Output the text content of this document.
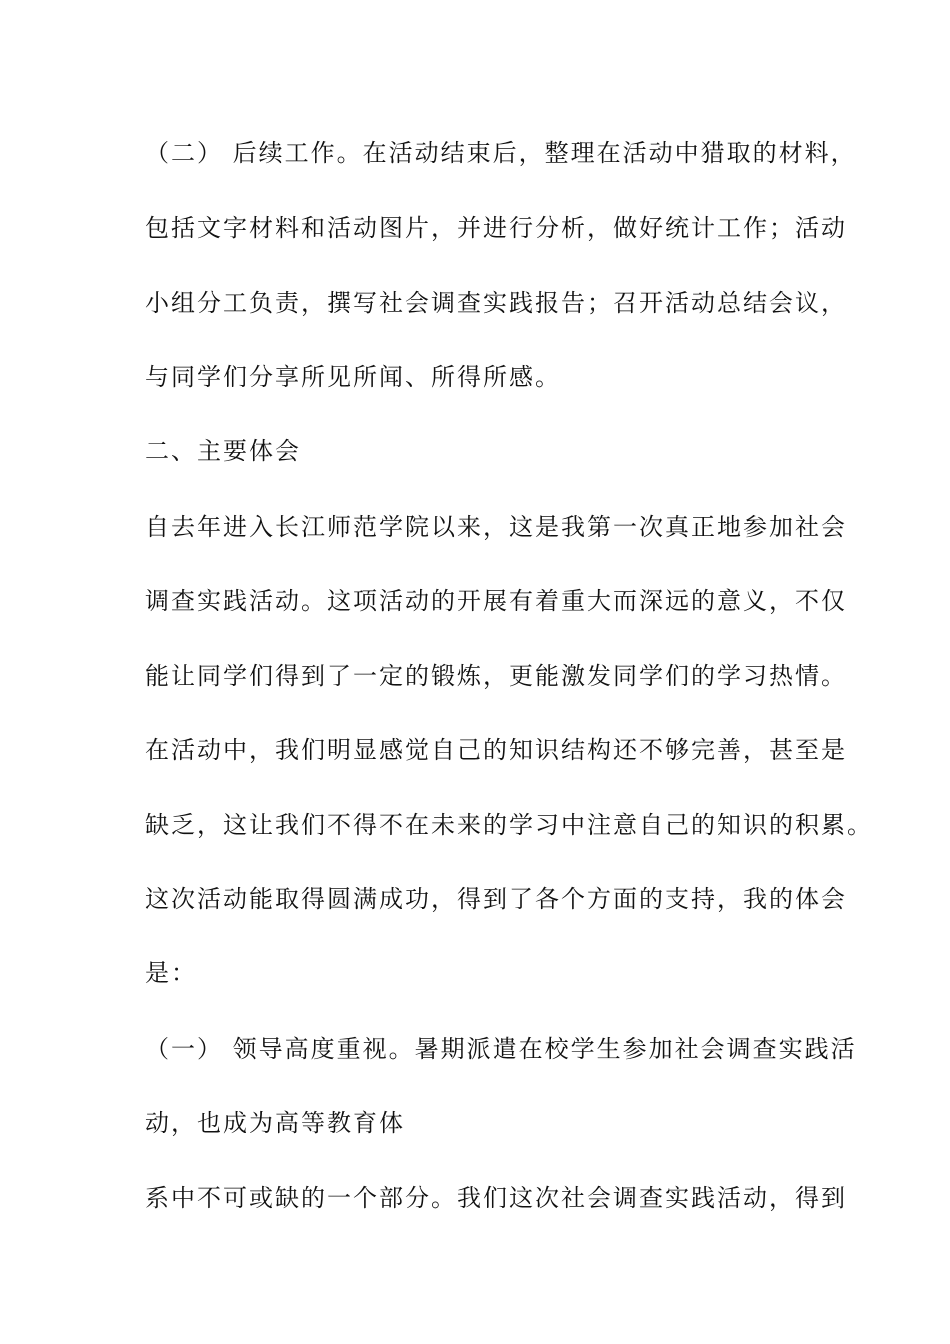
（二） 后续工作。在活动结束后，整理在活动中猎取的材料，
包括文字材料和活动图片，并进行分析，做好统计工作；活动
小组分工负责，撰写社会调查实践报告；召开活动总结会议，
与同学们分享所见所闻、所得所感。
二、主要体会
自去年进入长江师范学院以来，这是我第一次真正地参加社会
调查实践活动。这项活动的开展有着重大而深远的意义，不仅
能让同学们得到了一定的锻炼，更能激发同学们的学习热情。
在活动中，我们明显感觉自己的知识结构还不够完善，甚至是
缺乏，这让我们不得不在未来的学习中注意自己的知识的积累。
这次活动能取得圆满成功，得到了各个方面的支持，我的体会
是：
（一） 领导高度重视。暑期派遣在校学生参加社会调查实践活
动，也成为高等教育体
系中不可或缺的一个部分。我们这次社会调查实践活动，得到
